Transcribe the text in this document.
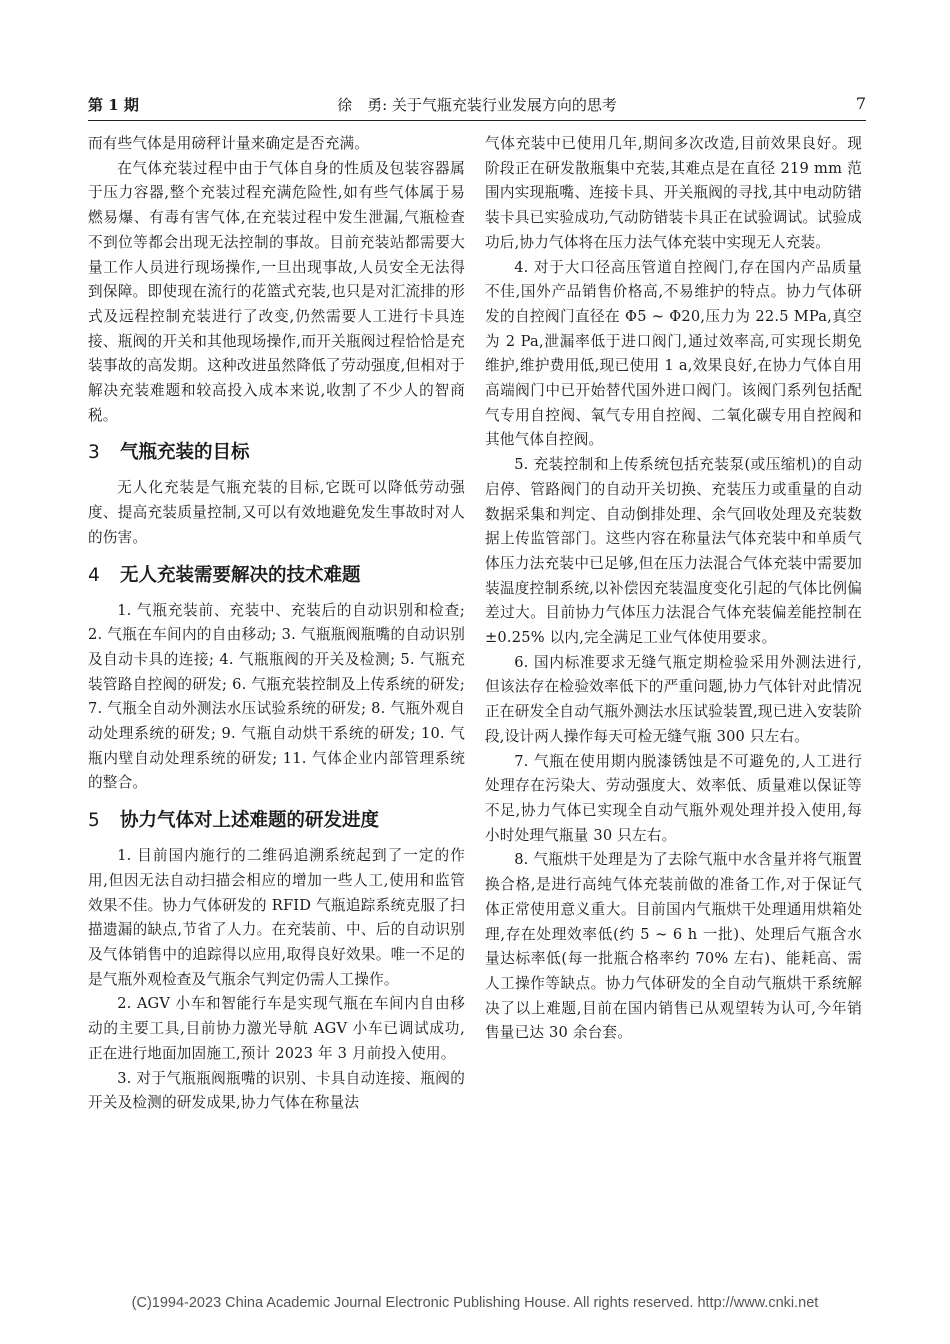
第 1 期	徐　勇: 关于气瓶充装行业发展方向的思考	7

而有些气体是用磅秤计量来确定是否充满。

在气体充装过程中由于气体自身的性质及包装容器属于压力容器,整个充装过程充满危险性,如有些气体属于易燃易爆、有毒有害气体,在充装过程中发生泄漏,气瓶检查不到位等都会出现无法控制的事故。目前充装站都需要大量工作人员进行现场操作,一旦出现事故,人员安全无法得到保障。即使现在流行的花篮式充装,也只是对汇流排的形式及远程控制充装进行了改变,仍然需要人工进行卡具连接、瓶阀的开关和其他现场操作,而开关瓶阀过程恰恰是充装事故的高发期。这种改进虽然降低了劳动强度,但相对于解决充装难题和较高投入成本来说,收割了不少人的智商税。

3 气瓶充装的目标

无人化充装是气瓶充装的目标,它既可以降低劳动强度、提高充装质量控制,又可以有效地避免发生事故时对人的伤害。

4 无人充装需要解决的技术难题

1. 气瓶充装前、充装中、充装后的自动识别和检查; 2. 气瓶在车间内的自由移动; 3. 气瓶瓶阀瓶嘴的自动识别及自动卡具的连接; 4. 气瓶瓶阀的开关及检测; 5. 气瓶充装管路自控阀的研发; 6. 气瓶充装控制及上传系统的研发; 7. 气瓶全自动外测法水压试验系统的研发; 8. 气瓶外观自动处理系统的研发; 9. 气瓶自动烘干系统的研发; 10. 气瓶内壁自动处理系统的研发; 11. 气体企业内部管理系统的整合。

5 协力气体对上述难题的研发进度

1. 目前国内施行的二维码追溯系统起到了一定的作用,但因无法自动扫描会相应的增加一些人工,使用和监管效果不佳。协力气体研发的 RFID 气瓶追踪系统克服了扫描遗漏的缺点,节省了人力。在充装前、中、后的自动识别及气体销售中的追踪得以应用,取得良好效果。唯一不足的是气瓶外观检查及气瓶余气判定仍需人工操作。

2. AGV 小车和智能行车是实现气瓶在车间内自由移动的主要工具,目前协力激光导航 AGV 小车已调试成功,正在进行地面加固施工,预计 2023 年 3 月前投入使用。

3. 对于气瓶瓶阀瓶嘴的识别、卡具自动连接、瓶阀的开关及检测的研发成果,协力气体在称量法

气体充装中已使用几年,期间多次改造,目前效果良好。现阶段正在研发散瓶集中充装,其难点是在直径 219 mm 范围内实现瓶嘴、连接卡具、开关瓶阀的寻找,其中电动防错装卡具已实验成功,气动防错装卡具正在试验调试。试验成功后,协力气体将在压力法气体充装中实现无人充装。

4. 对于大口径高压管道自控阀门,存在国内产品质量不佳,国外产品销售价格高,不易维护的特点。协力气体研发的自控阀门直径在 Φ5 ~ Φ20,压力为 22.5 MPa,真空为 2 Pa,泄漏率低于进口阀门,通过效率高,可实现长期免维护,维护费用低,现已使用 1 a,效果良好,在协力气体自用高端阀门中已开始替代国外进口阀门。该阀门系列包括配气专用自控阀、氧气专用自控阀、二氧化碳专用自控阀和其他气体自控阀。

5. 充装控制和上传系统包括充装泵(或压缩机)的自动启停、管路阀门的自动开关切换、充装压力或重量的自动数据采集和判定、自动倒排处理、余气回收处理及充装数据上传监管部门。这些内容在称量法气体充装中和单质气体压力法充装中已足够,但在压力法混合气体充装中需要加装温度控制系统,以补偿因充装温度变化引起的气体比例偏差过大。目前协力气体压力法混合气体充装偏差能控制在 ±0.25% 以内,完全满足工业气体使用要求。

6. 国内标准要求无缝气瓶定期检验采用外测法进行,但该法存在检验效率低下的严重问题,协力气体针对此情况正在研发全自动气瓶外测法水压试验装置,现已进入安装阶段,设计两人操作每天可检无缝气瓶 300 只左右。

7. 气瓶在使用期内脱漆锈蚀是不可避免的,人工进行处理存在污染大、劳动强度大、效率低、质量难以保证等不足,协力气体已实现全自动气瓶外观处理并投入使用,每小时处理气瓶量 30 只左右。

8. 气瓶烘干处理是为了去除气瓶中水含量并将气瓶置换合格,是进行高纯气体充装前做的准备工作,对于保证气体正常使用意义重大。目前国内气瓶烘干处理通用烘箱处理,存在处理效率低(约 5 ~ 6 h 一批)、处理后气瓶含水量达标率低(每一批瓶合格率约 70% 左右)、能耗高、需人工操作等缺点。协力气体研发的全自动气瓶烘干系统解决了以上难题,目前在国内销售已从观望转为认可,今年销售量已达 30 余台套。

(C)1994-2023 China Academic Journal Electronic Publishing House. All rights reserved. http://www.cnki.net
